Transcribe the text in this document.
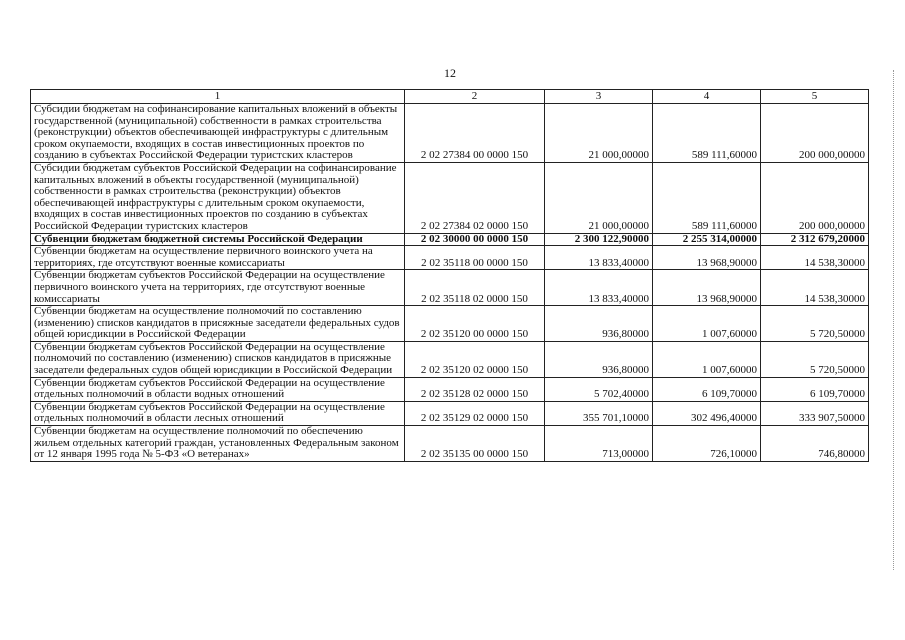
12
1	2	3	4	5
Субсидии бюджетам на софинансирование капитальных вложений в объекты государственной (муниципальной) собственности в рамках строительства (реконструкции) объектов обеспечивающей инфраструктуры с длительным сроком окупаемости, входящих в состав инвестиционных проектов по созданию в субъектах Российской Федерации туристских кластеров	2 02 27384 00 0000 150	21 000,00000	589 111,60000	200 000,00000
Субсидии бюджетам субъектов Российской Федерации на софинансирование капитальных вложений в объекты государственной (муниципальной) собственности в рамках строительства (реконструкции) объектов обеспечивающей инфраструктуры с длительным сроком окупаемости, входящих в состав инвестиционных проектов по созданию в субъектах Российской Федерации туристских кластеров	2 02 27384 02 0000 150	21 000,00000	589 111,60000	200 000,00000
Субвенции бюджетам бюджетной системы Российской Федерации	2 02 30000 00 0000 150	2 300 122,90000	2 255 314,00000	2 312 679,20000
Субвенции бюджетам на осуществление первичного воинского учета на территориях, где отсутствуют военные комиссариаты	2 02 35118 00 0000 150	13 833,40000	13 968,90000	14 538,30000
Субвенции бюджетам субъектов Российской Федерации на осуществление первичного воинского учета на территориях, где отсутствуют военные комиссариаты	2 02 35118 02 0000 150	13 833,40000	13 968,90000	14 538,30000
Субвенции бюджетам на осуществление полномочий по составлению (изменению) списков кандидатов в присяжные заседатели федеральных судов общей юрисдикции в Российской Федерации	2 02 35120 00 0000 150	936,80000	1 007,60000	5 720,50000
Субвенции бюджетам субъектов Российской Федерации на осуществление полномочий по составлению (изменению) списков кандидатов в присяжные заседатели федеральных судов общей юрисдикции в Российской Федерации	2 02 35120 02 0000 150	936,80000	1 007,60000	5 720,50000
Субвенции бюджетам субъектов Российской Федерации на осуществление отдельных полномочий в области водных отношений	2 02 35128 02 0000 150	5 702,40000	6 109,70000	6 109,70000
Субвенции бюджетам субъектов Российской Федерации на осуществление отдельных полномочий в области лесных отношений	2 02 35129 02 0000 150	355 701,10000	302 496,40000	333 907,50000
Субвенции бюджетам на осуществление полномочий по обеспечению жильем отдельных категорий граждан, установленных Федеральным законом от 12 января 1995 года № 5-ФЗ «О ветеранах»	2 02 35135 00 0000 150	713,00000	726,10000	746,80000
